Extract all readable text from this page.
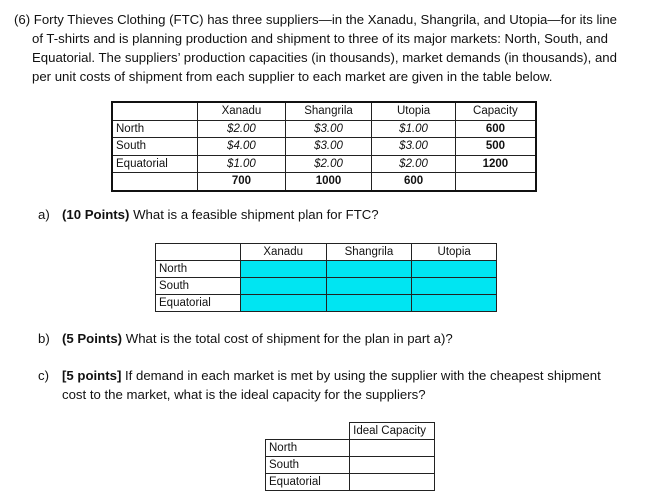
(6) Forty Thieves Clothing (FTC) has three suppliers—in the Xanadu, Shangrila, and Utopia—for its line

of T-shirts and is planning production and shipment to three of its major markets: North, South, and

Equatorial. The suppliers’ production capacities (in thousands), market demands (in thousands), and

per unit costs of shipment from each supplier to each market are given in the table below.

	Xanadu	Shangrila	Utopia	Capacity
North	$2.00	$3.00	$1.00	600
South	$4.00	$3.00	$3.00	500
Equatorial	$1.00	$2.00	$2.00	1200
	700	1000	600	
a) (10 Points) What is a feasible shipment plan for FTC?
	Xanadu	Shangrila	Utopia
North			
South			
Equatorial			
b) (5 Points) What is the total cost of shipment for the plan in part a)?
c) [5 points] If demand in each market is met by using the supplier with the cheapest shipment
cost to the market, what is the ideal capacity for the suppliers?
	Ideal Capacity
North	
South	
Equatorial	
